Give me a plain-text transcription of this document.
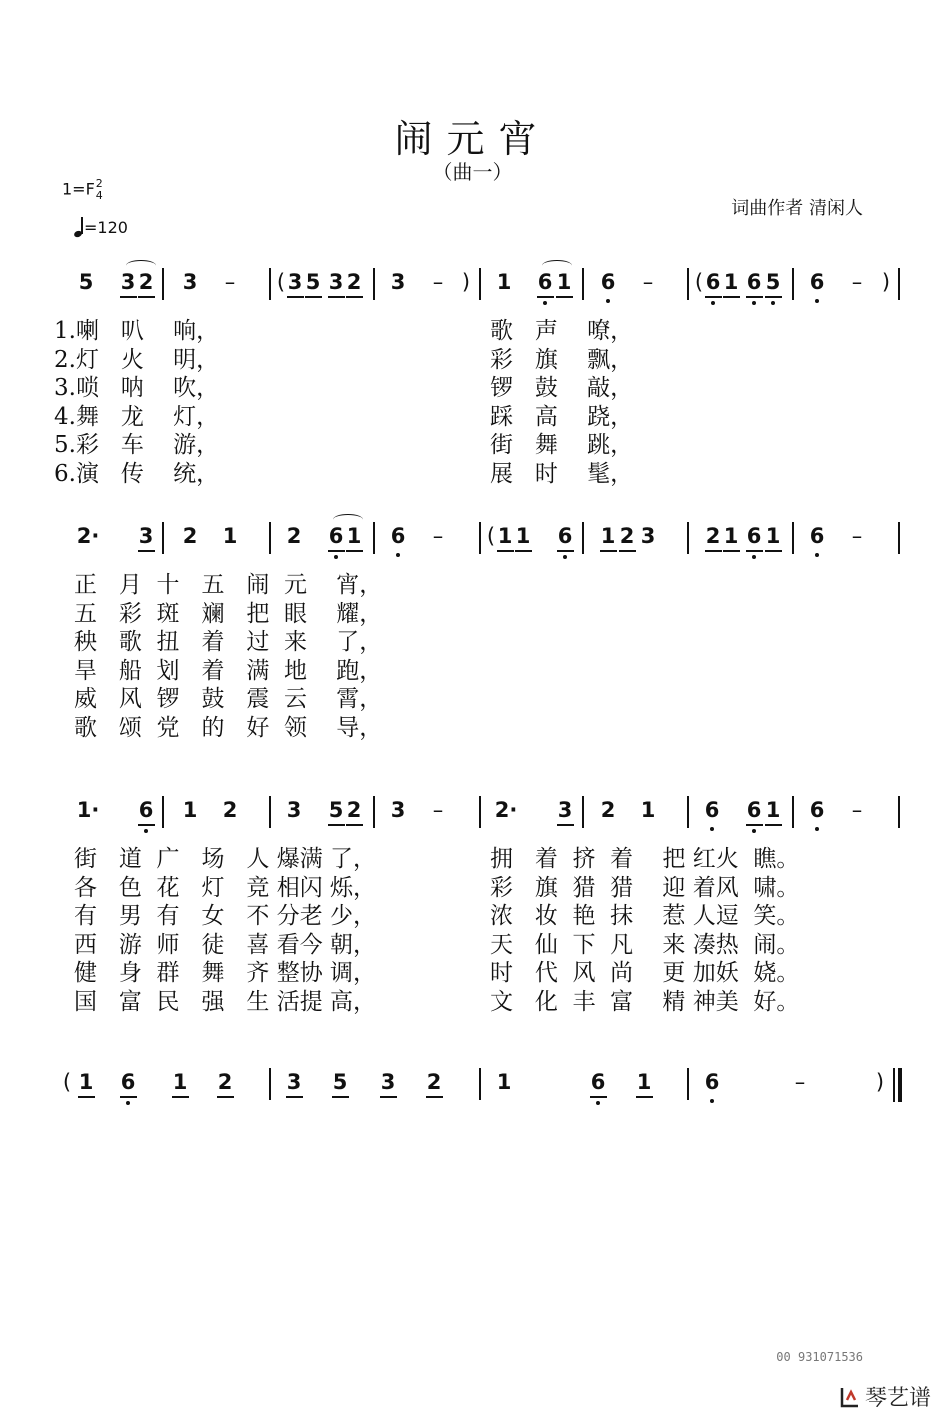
闹元宵
（曲一）
1=F2
4
=120
词曲作者 清闲人
5 3 2 3 – ( 3 5 3 2 3 – ) 1 6 1 6 – ( 6 1 6 5 6 – )
1.喇   叭    响，	歌   声    嘹，
2.灯   火    明，	彩   旗    飘，
3.唢   呐    吹，	锣   鼓    敲，
4.舞   龙    灯，	踩   高    跷，
5.彩   车    游，	街   舞    跳，
6.演   传    统，	展   时    髦，
2· 3 2 1 2 6 1 6 – ( 1 1 6 1 2 3 2 1 6 1 6 –
正   月  十   五   闹  元    宵，
五   彩  斑   斓   把  眼    耀，
秧   歌  扭   着   过  来    了，
旱   船  划   着   满  地    跑，
威   风  锣   鼓   震  云    霄，
歌   颂  党   的   好  领    导，
1· 6 1 2 3 5 2 3 – 2· 3 2 1 6 6 1 6 –
街   道  广   场   人 爆满 了，	拥   着  挤  着    把 红火  瞧。
各   色  花   灯   竞 相闪 烁，	彩   旗  猎  猎    迎 着风  啸。
有   男  有   女   不 分老 少，	浓   妆  艳  抹    惹 人逗  笑。
西   游  师   徒   喜 看今 朝，	天   仙  下  凡    来 凑热  闹。
健   身  群   舞   齐 整协 调，	时   代  风  尚    更 加妖  娆。
国   富  民   强   生 活提 高，	文   化  丰  富    精 神美  好。
( 1 6 1 2	3 5 3 2	1	6 1	6	–	)
00 931071536
琴艺谱
